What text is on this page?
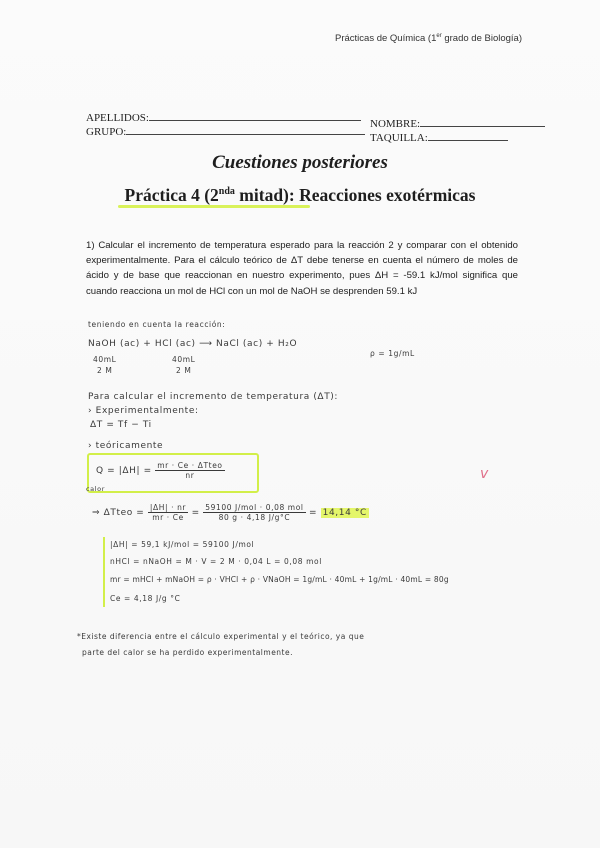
Prácticas de Química (1er grado de Biología)
APELLIDOS:	NOMBRE:
GRUPO:	TAQUILLA:
Cuestiones posteriores
Práctica 4 ($2^{nda}$ mitad): Reacciones exotérmicas
1) Calcular el incremento de temperatura esperado para la reacción 2 y comparar con el obtenido experimentalmente. Para el cálculo teórico de ΔT debe tenerse en cuenta el número de moles de ácido y de base que reaccionan en nuestro experimento, pues ΔH = -59.1 kJ/mol significa que cuando reacciona un mol de HCl con un mol de NaOH se desprenden 59.1 kJ
teniendo en cuenta la reacción:
NaOH (ac) + HCl (ac) ⟶ NaCl (ac) + H₂O
ρ = 1g/mL
40mL	40mL
2 M	2 M
Para calcular el incremento de temperatura (ΔT):
› Experimentalmente:
ΔT = Tf − Ti
› teóricamente
$Q = |\Delta H| = \frac{\text{mr · Ce · ΔTteo}}{nr}$
calor
v
⇒ ΔTteo = $\frac{|\Delta H| \cdot nr}{mr \cdot Ce} = \frac{\text{59100 J/mol · 0,08 mol}}{80 g \cdot 4,18 J/g^\circ C} = 14,14$ °C
|ΔH| = 59,1 kJ/mol = 59100 J/mol
nHCl = nNaOH = M · V = 2 M · 0,04 L = 0,08 mol
mr = mHCl + mNaOH = ρ · VHCl + ρ · VNaOH = 1g/mL · 40mL + 1g/mL · 40mL = 80g
Ce = 4,18 J/g °C
*Existe diferencia entre el cálculo experimental y el teórico, ya que
parte del calor se ha perdido experimentalmente.
